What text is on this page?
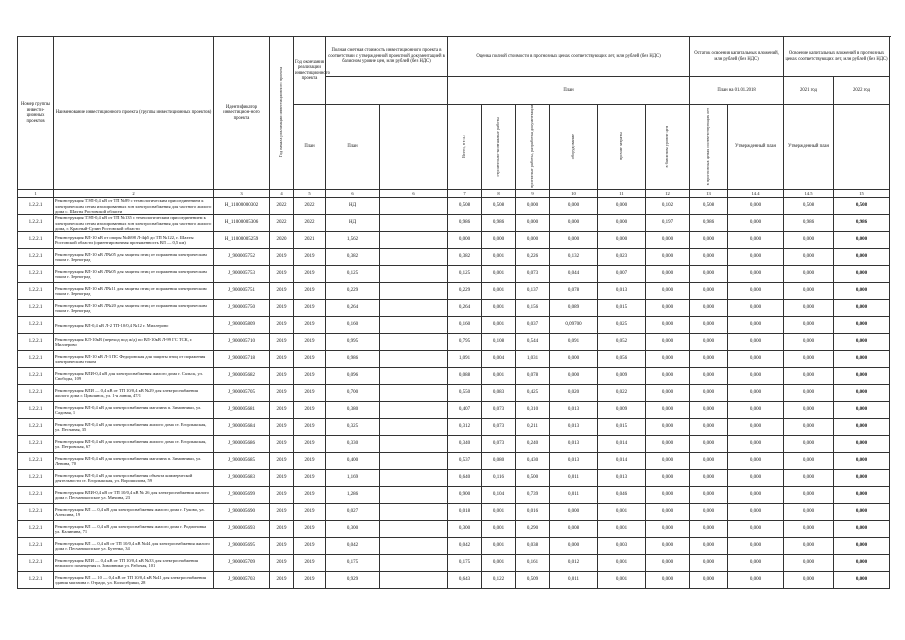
Номер группы инвести-ционных проектов	Наименование инвестиционного проекта (группы инвестиционных проектов)	Идентификатор инвестицион-ного проекта	Год начала реализации инвестиционного проекта	Год окончания реализации инвестиционного проекта	Полная сметная стоимость инвестиционного проекта в соответствии с утвержденной проектной документацией в базисном уровне цен, млн рублей (без НДС)		Оценка полной стоимости в прогнозных ценах соответствующих лет, млн рублей (без НДС)						Остаток освоения капитальных вложений, млн рублей (без НДС)		Освоение капитальных вложений в прогнозных ценах соответствующих лет, млн рублей (без НДС)		
							План						План на 01.01.2018		2021 год	2022 год	
				План	План		Всего, в т.ч.:	строительно-монтажные работы	проектные работы, разработка документации	оборудование	прочие затраты	в базисном уровне цен	в прогнозных ценах соответствующих лет	Утвержденный план	Утвержденный план		
1	2	3	4	5	6	6	7	8	9	10	11	12	13	14.4	14.5	15	
1.2.2.1	Реконструкция ТЭП-0,4 кВ от ТП №89 с технологическим присоединением к электрическим сетям изолированных зон электроснабжения для частного жилого дома с. Шахты Ростовской области	H_11000000302	2022	2022	НД		0,508	0,508	0,000	0,000	0,000	0,102	0,508	0,000	0,508	0,508	
1.2.2.1	Реконструкция ТЭП-0,4 кВ от ТП №135 с технологическим присоединением к электрическим сетям изолированных зон электроснабжения для частного жилого дома, г. Красный-Сулин Ростовской области	H_11000005306	2022	2022	НД		0,986	0,986	0,000	0,000	0,000	0,197	0,986	0,000	0,986	0,986	
1.2.2.1	Реконструкция ВЛ-10 кВ от опоры №4698 Л-4ф5 до ТП №122, г. Шахты Ростовской области (ориентировочная протяженность ВЛ — 0,5 км)	H_11000005259	2020	2021	1,562		0,000	0,000	0,000	0,000	0,000	0,000	0,000	0,000	0,000	0,000	
1.2.2.1	Реконструкция ВЛ-10 кВ Л№05 для защиты птиц от поражения электрическим током г. Зерноград	J_900005752	2019	2019	0,382		0,382	0,001	0,226	0,132	0,023	0,000	0,000	0,000	0,000	0,000	
1.2.2.1	Реконструкция ВЛ-10 кВ Л№05 для защиты птиц от поражения электрическим током г. Зерноград	J_900005753	2019	2019	0,125		0,125	0,001	0,073	0,044	0,007	0,000	0,000	0,000	0,000	0,000	
1.2.2.1	Реконструкция ВЛ-10 кВ Л№11 для защиты птиц от поражения электрическим током г. Зерноград	J_900005751	2019	2019	0,229		0,229	0,001	0,137	0,078	0,013	0,000	0,000	0,000	0,000	0,000	
1.2.2.1	Реконструкция ВЛ-10 кВ Л№20 для защиты птиц от поражения электрическим током г. Зерноград	J_900005750	2019	2019	0,264		0,264	0,001	0,156	0,089	0,015	0,000	0,000	0,000	0,000	0,000	
1.2.2.1	Реконструкция ВЛ-0,4 кВ Л-2 ТП-10/0,4 №12 г. Миллерово	J_900005809	2019	2019	0,160		0,160	0,001	0,037	0,09700	0,025	0,000	0,000	0,000	0,000	0,000	
1.2.2.1	Реконструкция КЛ-10кВ (переход под ж/д) по ВЛ-10кВ Л-99 ГС ТСК, г. Миллерово	J_900005710	2019	2019	0,995		0,795	0,108	0,544	0,091	0,052	0,000	0,000	0,000	0,000	0,000	
1.2.2.1	Реконструкция ВЛ-10 кВ Л-3 ПС Федоровская для защиты птиц от поражения электрическим током	J_900005718	2019	2019	0,986		1,091	0,004	1,031	0,000	0,056	0,000	0,000	0,000	0,000	0,000	
1.2.2.1	Реконструкция ВЛИ-0,4 кВ для электроснабжения жилого дома г. Сальск, ул. Свободы, 109	J_900005682	2019	2019	0,096		0,088	0,001	0,078	0,000	0,009	0,000	0,000	0,000	0,000	0,000	
1.2.2.1	Реконструкция ВЛИ — 0,4 кВ от ТП 10/0,4 кВ №29 для электроснабжения жилого дома г. Цимлянск, ул. 1-я линия, 47/1	J_900005705	2019	2019	0,700		0,550	0,083	0,425	0,020	0,022	0,000	0,000	0,000	0,000	0,000	
1.2.2.1	Реконструкция ВЛ-0,4 кВ для электроснабжения магазина п. Зимовники, ул. Садовая, 1	J_900005681	2019	2019	0,380		0,407	0,073	0,310	0,013	0,009	0,000	0,000	0,000	0,000	0,000	
1.2.2.1	Реконструкция ВЛ-0,4 кВ для электроснабжения жилого дома ст. Егорлыкская, ул. Песчаная, 35	J_900005684	2019	2019	0,325		0,312	0,073	0,211	0,013	0,015	0,000	0,000	0,000	0,000	0,000	
1.2.2.1	Реконструкция ВЛ-0,4 кВ для электроснабжения жилого дома ст. Егорлыкская, ул. Петровская, 67	J_900005686	2019	2019	0,330		0,340	0,073	0,240	0,013	0,014	0,000	0,000	0,000	0,000	0,000	
1.2.2.1	Реконструкция ВЛ-0,4 кВ для электроснабжения магазина п. Зимовники, ул. Ленина, 70	J_900005685	2019	2019	0,400		0,537	0,080	0,430	0,013	0,014	0,000	0,000	0,000	0,000	0,000	
1.2.2.1	Реконструкция ВЛ-0,4 кВ для электроснабжения объекта коммерческой деятельности ст. Егорлыкская, ул. Ворошилова, 59	J_900005683	2019	2019	1,169		0,640	0,116	0,500	0,011	0,013	0,000	0,000	0,000	0,000	0,000	
1.2.2.1	Реконструкция ВЛИ-0,4 кВ от ТП 10/0,4 кВ № 26 для электроснабжения жилого дома г. Песчанокопское ул. Мичина, 23	J_900005699	2019	2019	1,286		0,900	0,104	0,739	0,011	0,046	0,000	0,000	0,000	0,000	0,000	
1.2.2.1	Реконструкция ВЛ — 0,4 кВ для электроснабжения жилого дома г. Гуково, ул. Алексина, 19	J_900005690	2019	2019	0,027		0,018	0,001	0,016	0,000	0,001	0,000	0,000	0,000	0,000	0,000	
1.2.2.1	Реконструкция ВЛ — 0,4 кВ для электроснабжения жилого дома г. Родионовка ул. Калинина, 71	J_900005693	2019	2019	0,300		0,300	0,001	0,290	0,008	0,001	0,000	0,000	0,000	0,000	0,000	
1.2.2.1	Реконструкция ВЛ — 0,4 кВ от ТП 10/0,4 кВ №44 для электроснабжения жилого дома г. Песчанокопское ул. Бутенко, 34	J_900005695	2019	2019	0,042		0,042	0,001	0,038	0,000	0,003	0,000	0,000	0,000	0,000	0,000	
1.2.2.1	Реконструкция ВЛИ — 0,4 кВ от ТП 10/0,4 кВ №33 для электроснабжения нежилого помещения п. Зимовники ул. Рабочая, 101	J_900005709	2019	2019	0,175		0,175	0,001	0,161	0,012	0,001	0,000	0,000	0,000	0,000	0,000	
1.2.2.1	Реконструкция ВЛ — 10 — 0,4 кВ от ТП 10/0,4 кВ №41 для электроснабжения здания магазина г. Отрадо, ул. Колхозбрики, 28	J_900005703	2019	2019	0,929		0,643	0,122	0,509	0,011	0,001	0,000	0,000	0,000	0,000	0,000	
